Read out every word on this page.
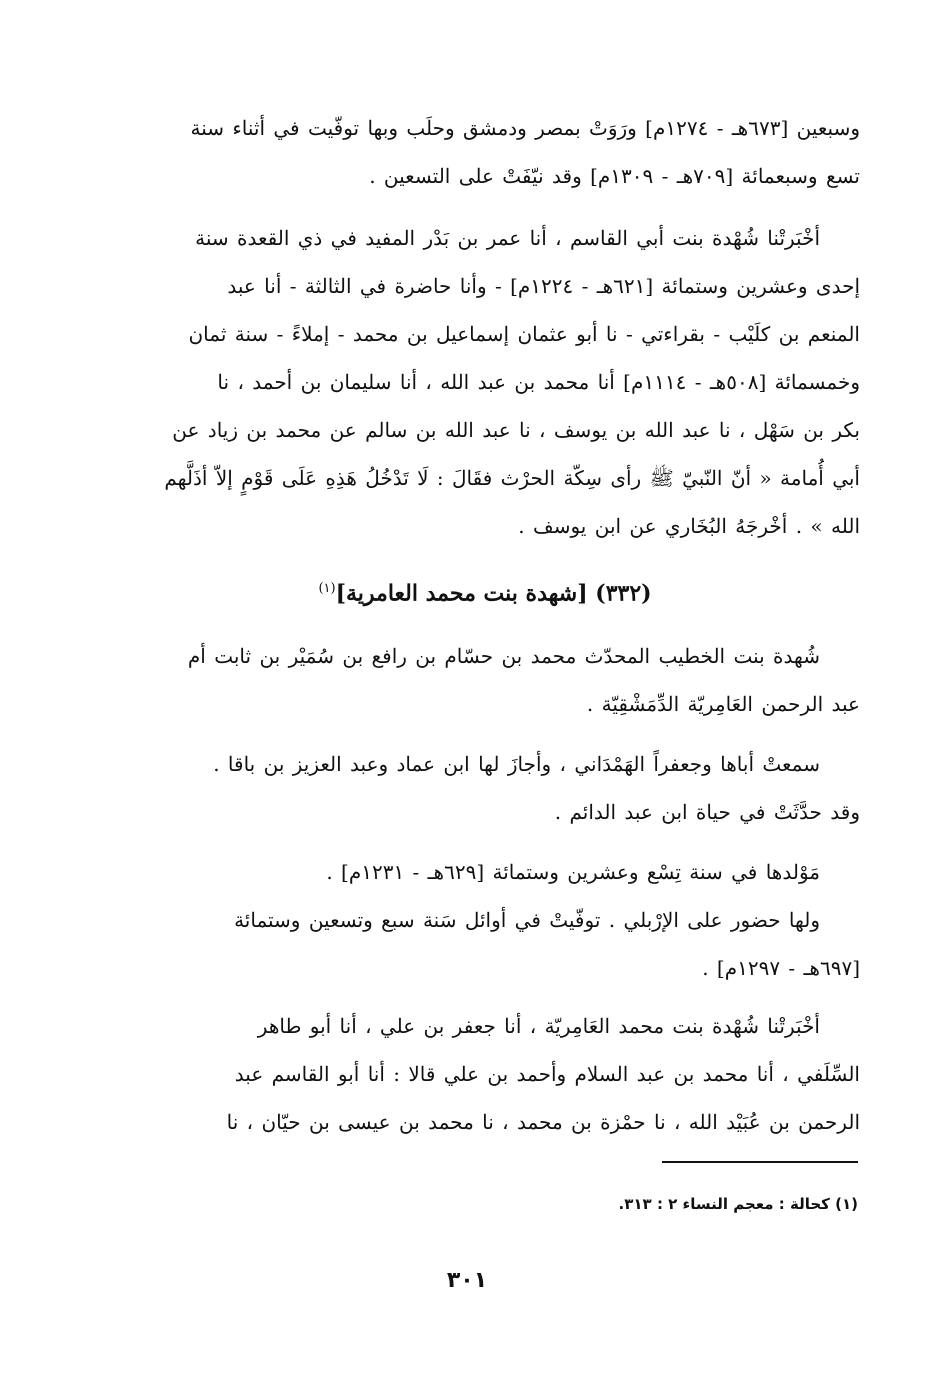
وسبعين [٦٧٣هـ - ١٢٧٤م] ورَوَتْ بمصر ودمشق وحلَب وبها توفّيت في أثناء سنة
تسع وسبعمائة [٧٠٩هـ - ١٣٠٩م] وقد نيّفَتْ على التسعين .
أخْبَرتْنا شُهْدة بنت أبي القاسم ، أنا عمر بن بَدْر المفيد في ذي القعدة سنة
إحدى وعشرين وستمائة [٦٢١هـ - ١٢٢٤م] - وأنا حاضرة في الثالثة - أنا عبد
المنعم بن كلَيْب - بقراءتي - نا أبو عثمان إسماعيل بن محمد - إملاءً - سنة ثمان
وخمسمائة [٥٠٨هـ - ١١١٤م] أنا محمد بن عبد الله ، أنا سليمان بن أحمد ، نا
بكر بن سَهْل ، نا عبد الله بن يوسف ، نا عبد الله بن سالم عن محمد بن زياد عن
أبي أُمامة « أنّ النّبيّ ﷺ رأى سِكّة الحرْث فقَالَ : لَا تَدْخُلُ هَذِهِ عَلَى قَوْمٍ إلاّ أذَلَّهم
الله » . أخْرجَهُ البُخَاري عن ابن يوسف .
(٣٣٢) [شهدة بنت محمد العامرية]$^{(١)}$
شُهدة بنت الخطيب المحدّث محمد بن حسّام بن رافع بن سُمَيْر بن ثابت أم
عبد الرحمن العَامِريّة الدِّمَشْقِيّة .
سمعتْ أباها وجعفراً الهَمْدَاني ، وأجازَ لها ابن عماد وعبد العزيز بن باقا .
وقد حدَّثَتْ في حياة ابن عبد الدائم .
مَوْلدها في سنة تِسْع وعشرين وستمائة [٦٢٩هـ - ١٢٣١م] .
ولها حضور على الإرْبلي . توفّيتْ في أوائل سَنة سبع وتسعين وستمائة
[٦٩٧هـ - ١٢٩٧م] .
أخْبَرتْنا شُهْدة بنت محمد العَامِريّة ، أنا جعفر بن علي ، أنا أبو طاهر
السِّلَفي ، أنا محمد بن عبد السلام وأحمد بن علي قالا : أنا أبو القاسم عبد
الرحمن بن عُبَيْد الله ، نا حمْزة بن محمد ، نا محمد بن عيسى بن حيّان ، نا
(١) كحالة : معجم النساء ٢ : ٣١٣.
٣٠١
